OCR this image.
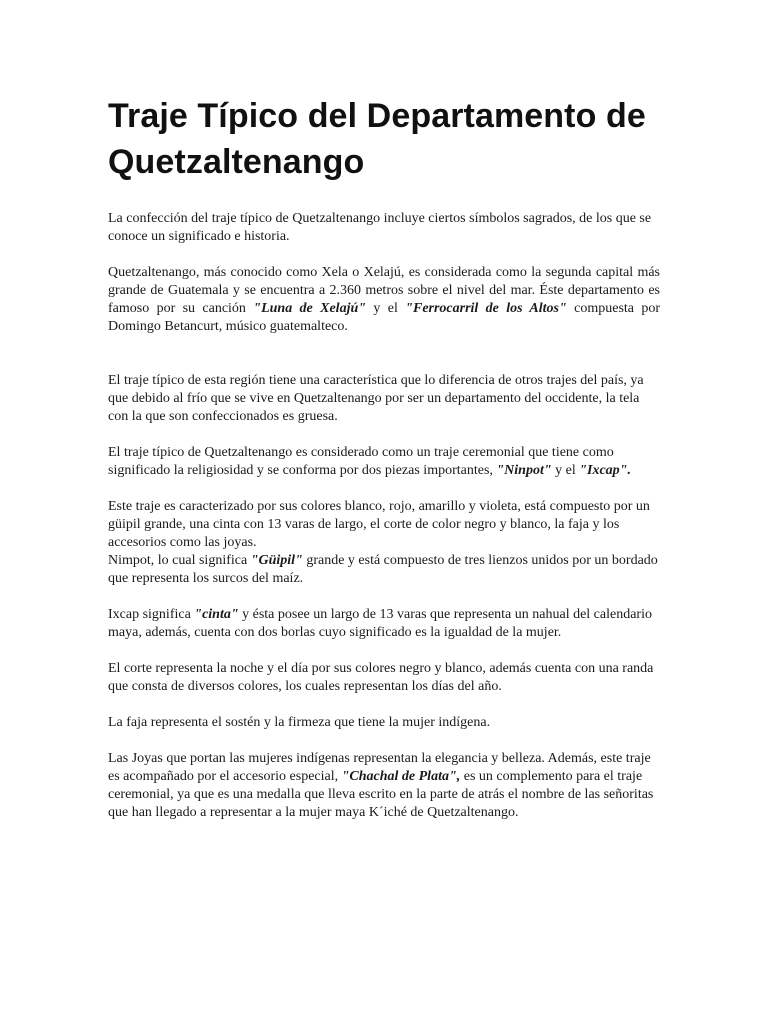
Traje Típico del Departamento de Quetzaltenango

La confección del traje típico de Quetzaltenango incluye ciertos símbolos sagrados, de los que se conoce un significado e historia.

Quetzaltenango, más conocido como Xela o Xelajú, es considerada como la segunda capital más grande de Guatemala y se encuentra a 2.360 metros sobre el nivel del mar. Éste departamento es famoso por su canción "Luna de Xelajú" y el "Ferrocarril de los Altos" compuesta por Domingo Betancurt, músico guatemalteco.

El traje típico de esta región tiene una característica que lo diferencia de otros trajes del país, ya que debido al frío que se vive en Quetzaltenango por ser un departamento del occidente, la tela con la que son confeccionados es gruesa.

El traje típico de Quetzaltenango es considerado como un traje ceremonial que tiene como significado la religiosidad y se conforma por dos piezas importantes, "Ninpot" y el "Ixcap".

Este traje es caracterizado por sus colores blanco, rojo, amarillo y violeta, está compuesto por un güipil grande, una cinta con 13 varas de largo, el corte de color negro y blanco, la faja y los accesorios como las joyas.

Nimpot, lo cual significa "Güipil" grande y está compuesto de tres lienzos unidos por un bordado que representa los surcos del maíz.

Ixcap significa "cinta" y ésta posee un largo de 13 varas que representa un nahual del calendario maya, además, cuenta con dos borlas cuyo significado es la igualdad de la mujer.

El corte representa la noche y el día por sus colores negro y blanco, además cuenta con una randa que consta de diversos colores, los cuales representan los días del año.

La faja representa el sostén y la firmeza que tiene la mujer indígena.

Las Joyas que portan las mujeres indígenas representan la elegancia y belleza. Además, este traje es acompañado por el accesorio especial, "Chachal de Plata", es un complemento para el traje ceremonial, ya que es una medalla que lleva escrito en la parte de atrás el nombre de las señoritas que han llegado a representar a la mujer maya K´iché de Quetzaltenango.
